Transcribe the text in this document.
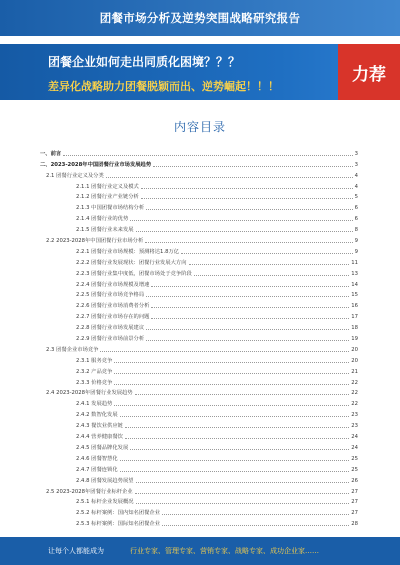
团餐市场分析及逆势突围战略研究报告
团餐企业如何走出同质化困境？？？
差异化战略助力团餐脱颖而出、逆势崛起！！！
力荐
内容目录
一、前言	3
二、2023-2028年中国团餐行业市场发展趋势	3
2.1 团餐行业定义及分类	4
2.1.1 团餐行业定义及模式	4
2.1.2 团餐行业产业链分析	5
2.1.3 中国团餐市场结构分析	6
2.1.4 团餐行业的优势	6
2.1.5 团餐行业未来发展	8
2.2 2023-2028年中国团餐行业市场分析	9
2.2.1 团餐行业市场规模：预测将达1.8万亿	9
2.2.2 团餐行业发展现状：团餐行业发展大方向	11
2.2.3 团餐行业集中度低，团餐市场处于竞争阶段	13
2.2.4 团餐行业市场规模及增速	14
2.2.5 团餐行业市场竞争格局	15
2.2.6 团餐行业市场消费者分析	16
2.2.7 团餐行业市场存在的问题	17
2.2.8 团餐行业市场发展建议	18
2.2.9 团餐行业市场前景分析	19
2.3 团餐企业市场竞争	20
2.3.1 服务竞争	20
2.3.2 产品竞争	21
2.3.3 价格竞争	22
2.4 2023-2028年团餐行业发展趋势	22
2.4.1 发展趋势	22
2.4.2 数智化发展	23
2.4.3 餐饮业供应链	23
2.4.4 营养健康餐饮	24
2.4.5 团餐品牌化发展	24
2.4.6 团餐智慧化	25
2.4.7 团餐连锁化	25
2.4.8 团餐发展趋势展望	26
2.5 2023-2028年团餐行业标杆企业	27
2.5.1 标杆企业发展概况	27
2.5.2 标杆案例：国内知名团餐企业	27
2.5.3 标杆案例：国际知名团餐企业	28
让每个人都能成为	行业专家、管理专家、营销专家、战略专家、成功企业家……
